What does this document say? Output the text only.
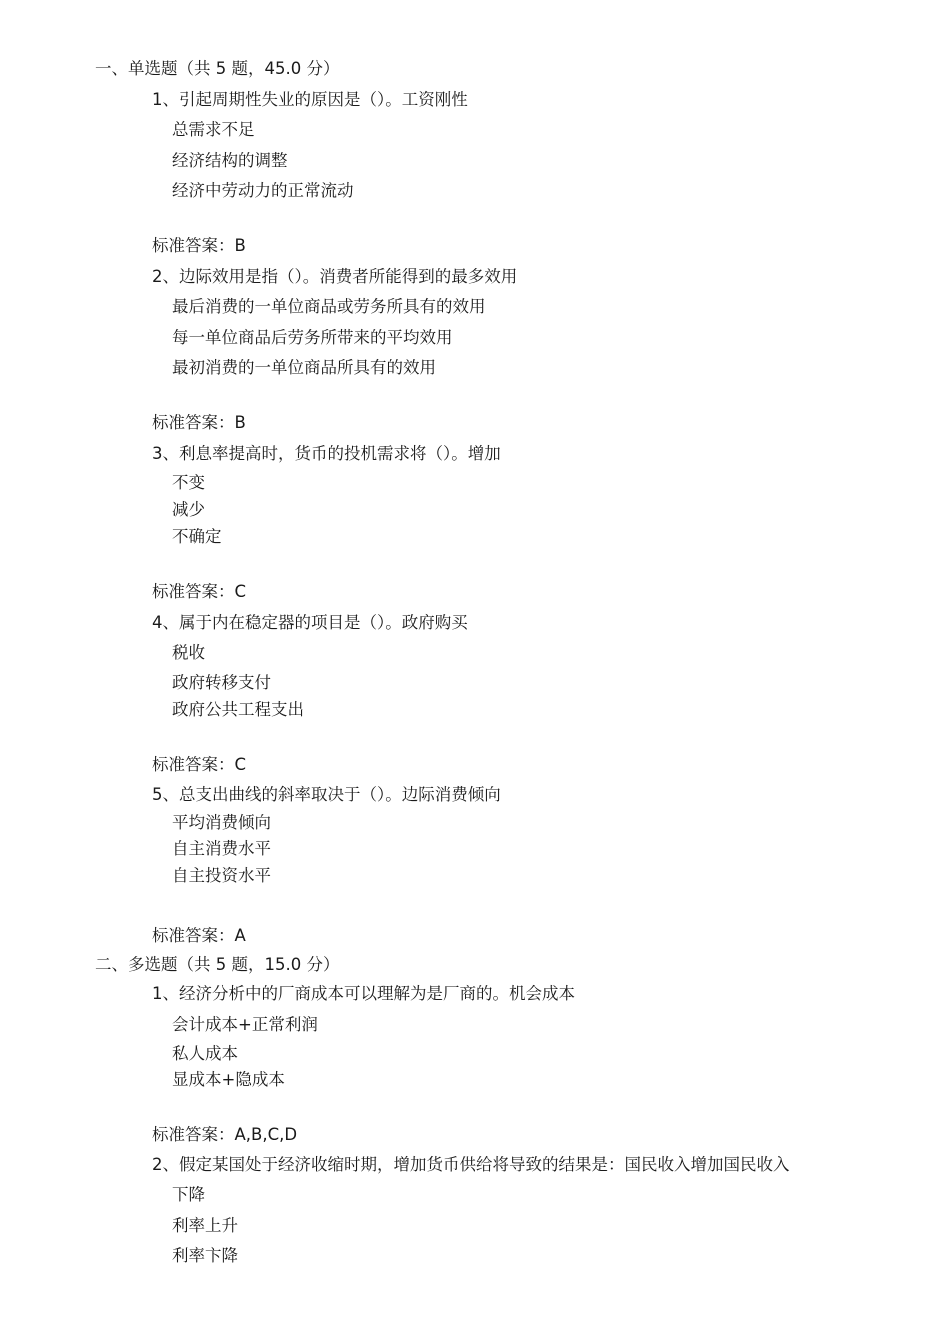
一、单选题（共 5 题，45.0 分）
1、引起周期性失业的原因是（）。工资刚性
总需求不足
经济结构的调整
经济中劳动力的正常流动
标准答案：B
2、边际效用是指（）。消费者所能得到的最多效用
最后消费的一单位商品或劳务所具有的效用
每一单位商品后劳务所带来的平均效用
最初消费的一单位商品所具有的效用
标准答案：B
3、利息率提高时，货币的投机需求将（）。增加
不变
减少
不确定
标准答案：C
4、属于内在稳定器的项目是（）。政府购买
税收
政府转移支付
政府公共工程支出
标准答案：C
5、总支出曲线的斜率取决于（）。边际消费倾向
平均消费倾向
自主消费水平
自主投资水平
标准答案：A
二、多选题（共 5 题，15.0 分）
1、经济分析中的厂商成本可以理解为是厂商的。机会成本
会计成本+正常利润
私人成本
显成本+隐成本
标准答案：A,B,C,D
2、假定某国处于经济收缩时期，增加货币供给将导致的结果是：国民收入增加国民收入
下降
利率上升
利率卞降
